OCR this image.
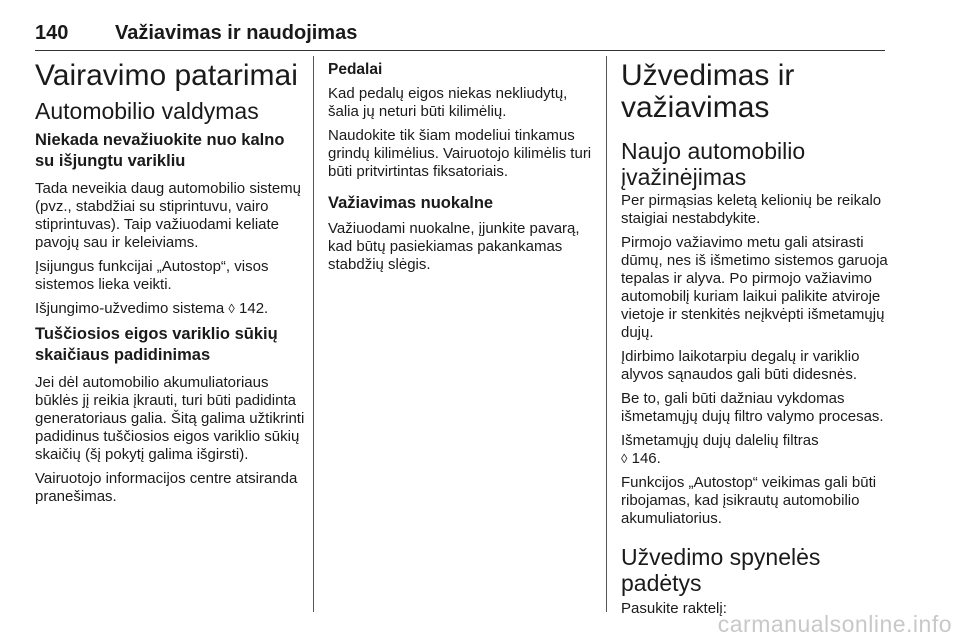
140 Važiavimas ir naudojimas
Vairavimo patarimai
Automobilio valdymas
Niekada nevažiuokite nuo kalno su išjungtu varikliu

Tada neveikia daug automobilio sistemų (pvz., stabdžiai su stiprintuvu, vairo stiprintuvas). Taip važiuodami keliate pavojų sau ir keleiviams.

Įsijungus funkcijai „Autostop“, visos sistemos lieka veikti.

Išjungimo-užvedimo sistema ◊ 142.

Tuščiosios eigos variklio sūkių skaičiaus padidinimas

Jei dėl automobilio akumuliatoriaus būklės jį reikia įkrauti, turi būti padidinta generatoriaus galia. Šitą galima užtikrinti padidinus tuščiosios eigos variklio sūkių skaičių (šį pokytį galima išgirsti).

Vairuotojo informacijos centre atsiranda pranešimas.

Pedalai

Kad pedalų eigos niekas nekliudytų, šalia jų neturi būti kilimėlių.

Naudokite tik šiam modeliui tinkamus grindų kilimėlius. Vairuotojo kilimėlis turi būti pritvirtintas fiksatoriais.

Važiavimas nuokalne

Važiuodami nuokalne, įjunkite pavarą, kad būtų pasiekiamas pakankamas stabdžių slėgis.

Užvedimas ir važiavimas
Naujo automobilio įvažinėjimas

Per pirmąsias keletą kelionių be reikalo staigiai nestabdykite.

Pirmojo važiavimo metu gali atsirasti dūmų, nes iš išmetimo sistemos garuoja tepalas ir alyva. Po pirmojo važiavimo automobilį kuriam laikui palikite atviroje vietoje ir stenkitės neįkvėpti išmetamųjų dujų.

Įdirbimo laikotarpiu degalų ir variklio alyvos sąnaudos gali būti didesnės.

Be to, gali būti dažniau vykdomas išmetamųjų dujų filtro valymo procesas.

Išmetamųjų dujų dalelių filtras
◊ 146.

Funkcijos „Autostop“ veikimas gali būti ribojamas, kad įsikrautų automobilio akumuliatorius.

Užvedimo spynelės padėtys

Pasukite raktelį:

carmanualsonline.info
